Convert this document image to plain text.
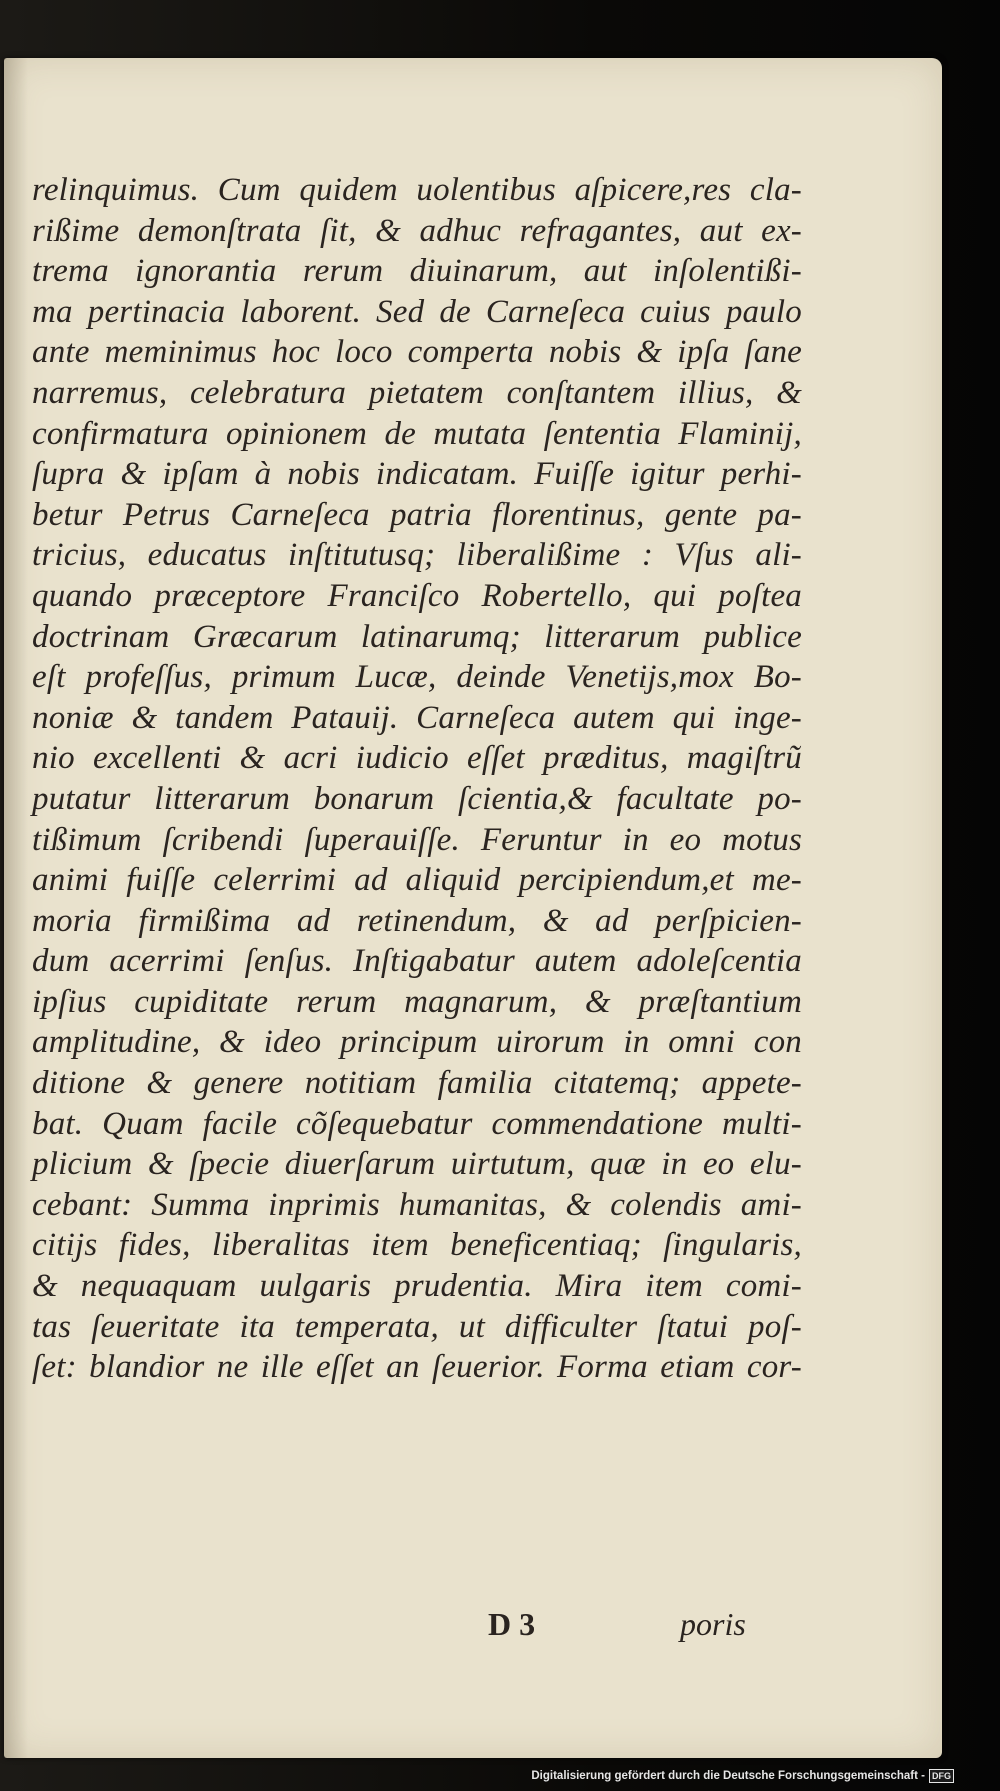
relinquimus. Cum quidem uolentibus aſpicere,res cla-
rißime demonſtrata ſit, & adhuc refragantes, aut ex-
trema ignorantia rerum diuinarum, aut inſolentißi-
ma pertinacia laborent. Sed de Carneſeca cuius paulo
ante meminimus hoc loco comperta nobis & ipſa ſane
narremus, celebratura pietatem conſtantem illius, &
confirmatura opinionem de mutata ſententia Flaminij,
ſupra & ipſam à nobis indicatam. Fuiſſe igitur perhi-
betur Petrus Carneſeca patria florentinus, gente pa-
tricius, educatus inſtitutusq; liberalißime : Vſus ali-
quando præceptore Franciſco Robertello, qui poſtea
doctrinam Græcarum latinarumq; litterarum publice
eſt profeſſus, primum Lucæ, deinde Venetijs,mox Bo-
noniæ & tandem Patauij. Carneſeca autem qui inge-
nio excellenti & acri iudicio eſſet præditus, magiſtrũ
putatur litterarum bonarum ſcientia,& facultate po-
tißimum ſcribendi ſuperauiſſe. Feruntur in eo motus
animi fuiſſe celerrimi ad aliquid percipiendum,et me-
moria firmißima ad retinendum, & ad perſpicien-
dum acerrimi ſenſus. Inſtigabatur autem adoleſcentia
ipſius cupiditate rerum magnarum, & præſtantium
amplitudine, & ideo principum uirorum in omni con
ditione & genere notitiam familia citatemq; appete-
bat. Quam facile cõſequebatur commendatione multi-
plicium & ſpecie diuerſarum uirtutum, quæ in eo elu-
cebant: Summa inprimis humanitas, & colendis ami-
citijs fides, liberalitas item beneficentiaq; ſingularis,
& nequaquam uulgaris prudentia. Mira item comi-
tas ſeueritate ita temperata, ut difficulter ſtatui poſ-
ſet: blandior ne ille eſſet an ſeuerior. Forma etiam cor-
D 3	poris
Digitalisierung gefördert durch die Deutsche Forschungsgemeinschaft - DFG
